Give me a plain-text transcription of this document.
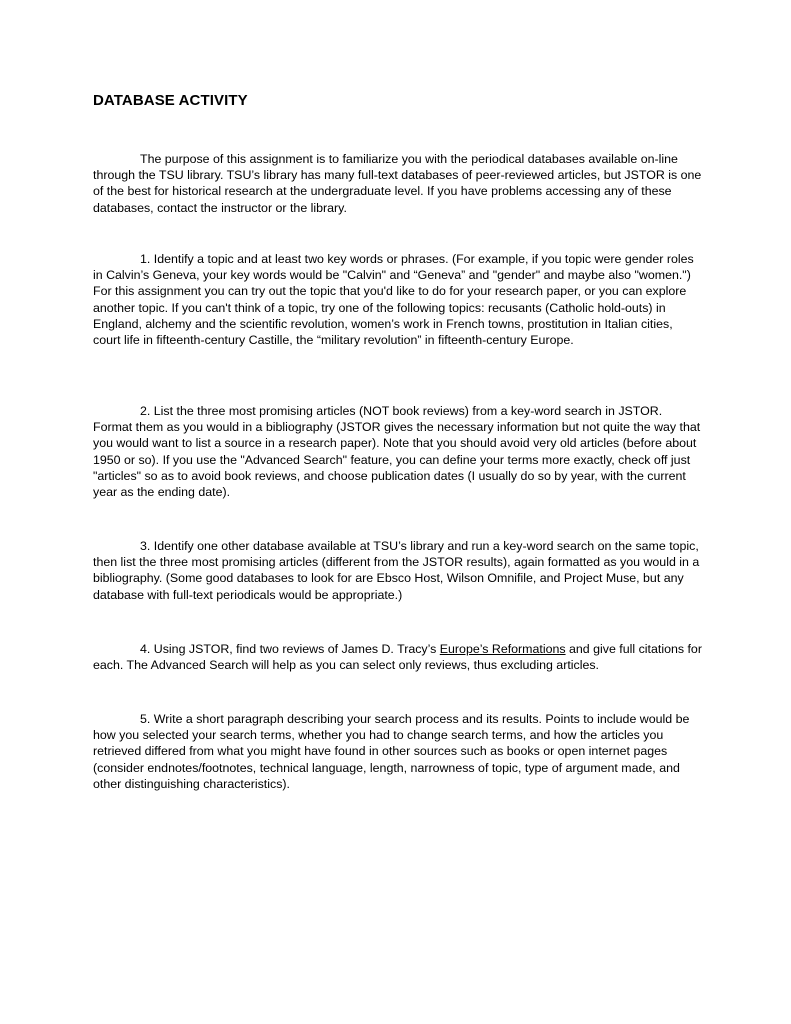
DATABASE ACTIVITY

The purpose of this assignment is to familiarize you with the periodical databases available on-line through the TSU library. TSU’s library has many full-text databases of peer-reviewed articles, but JSTOR is one of the best for historical research at the undergraduate level. If you have problems accessing any of these databases, contact the instructor or the library.

1. Identify a topic and at least two key words or phrases. (For example, if you topic were gender roles in Calvin’s Geneva, your key words would be "Calvin" and “Geneva” and "gender" and maybe also "women.") For this assignment you can try out the topic that you'd like to do for your research paper, or you can explore another topic. If you can't think of a topic, try one of the following topics: recusants (Catholic hold-outs) in England, alchemy and the scientific revolution, women’s work in French towns, prostitution in Italian cities, court life in fifteenth-century Castille, the “military revolution” in fifteenth-century Europe.

2. List the three most promising articles (NOT book reviews) from a key-word search in JSTOR. Format them as you would in a bibliography (JSTOR gives the necessary information but not quite the way that you would want to list a source in a research paper). Note that you should avoid very old articles (before about 1950 or so). If you use the "Advanced Search" feature, you can define your terms more exactly, check off just "articles" so as to avoid book reviews, and choose publication dates (I usually do so by year, with the current year as the ending date).

3. Identify one other database available at TSU’s library and run a key-word search on the same topic, then list the three most promising articles (different from the JSTOR results), again formatted as you would in a bibliography. (Some good databases to look for are Ebsco Host, Wilson Omnifile, and Project Muse, but any database with full-text periodicals would be appropriate.)

4. Using JSTOR, find two reviews of James D. Tracy’s Europe’s Reformations and give full citations for each. The Advanced Search will help as you can select only reviews, thus excluding articles.

5. Write a short paragraph describing your search process and its results. Points to include would be how you selected your search terms, whether you had to change search terms, and how the articles you retrieved differed from what you might have found in other sources such as books or open internet pages (consider endnotes/footnotes, technical language, length, narrowness of topic, type of argument made, and other distinguishing characteristics).
